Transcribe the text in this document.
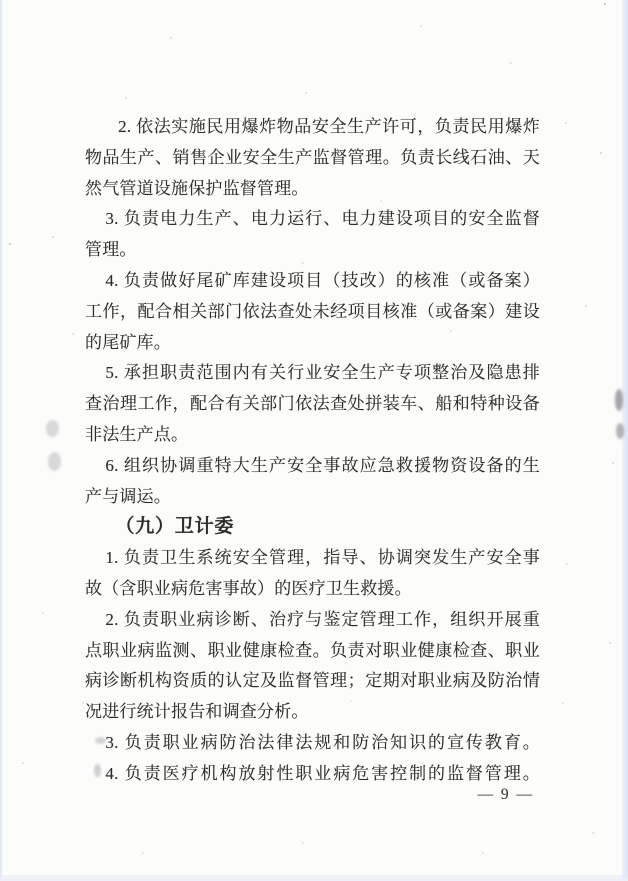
2. 依法实施民用爆炸物品安全生产许可，负责民用爆炸
物品生产、销售企业安全生产监督管理。负责长线石油、天
然气管道设施保护监督管理。
3. 负责电力生产、电力运行、电力建设项目的安全监督
管理。
4. 负责做好尾矿库建设项目（技改）的核准（或备案）
工作，配合相关部门依法查处未经项目核准（或备案）建设
的尾矿库。
5. 承担职责范围内有关行业安全生产专项整治及隐患排
查治理工作，配合有关部门依法查处拼装车、船和特种设备
非法生产点。
6. 组织协调重特大生产安全事故应急救援物资设备的生
产与调运。
（九）卫计委
1. 负责卫生系统安全管理，指导、协调突发生产安全事
故（含职业病危害事故）的医疗卫生救援。
2. 负责职业病诊断、治疗与鉴定管理工作，组织开展重
点职业病监测、职业健康检查。负责对职业健康检查、职业
病诊断机构资质的认定及监督管理；定期对职业病及防治情
况进行统计报告和调查分析。
3. 负责职业病防治法律法规和防治知识的宣传教育。
4. 负责医疗机构放射性职业病危害控制的监督管理。
— 9 —
